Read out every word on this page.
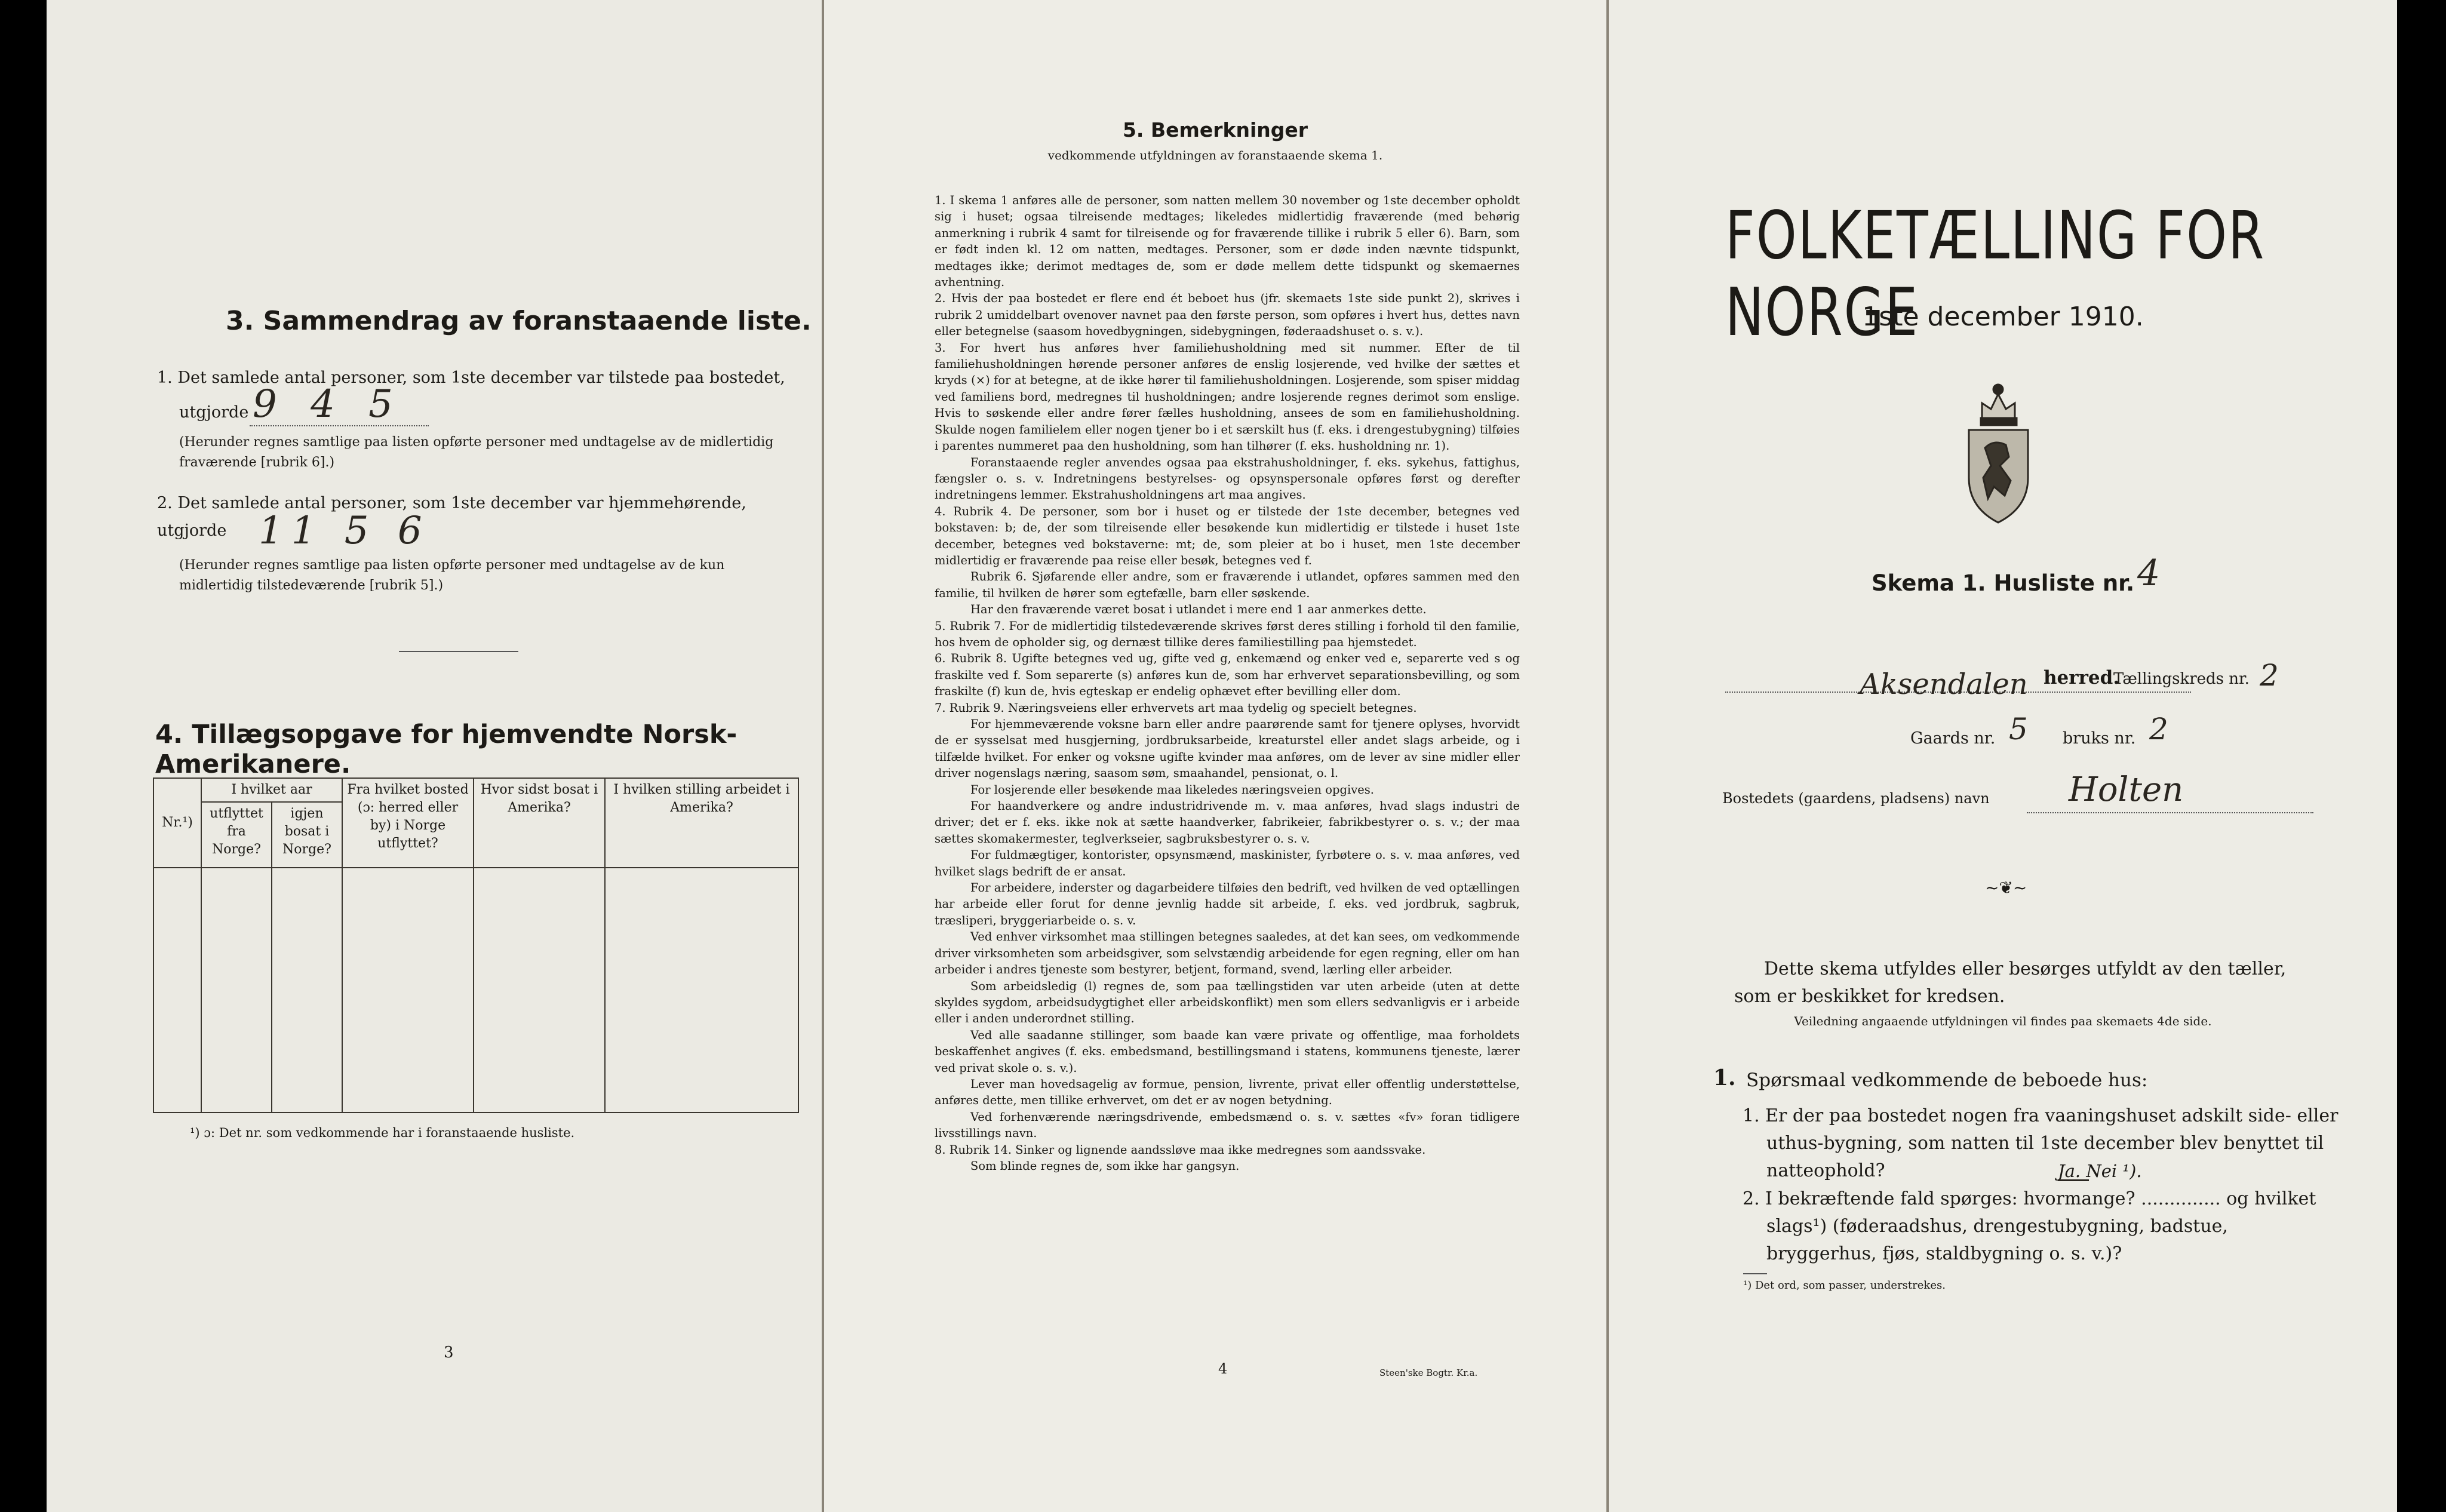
3. Sammendrag av foranstaaende liste.
1. Det samlede antal personer, som 1ste december var tilstede paa bostedet,
utgjorde 9 4 5
(Herunder regnes samtlige paa listen opførte personer med undtagelse av de midlertidig fraværende [rubrik 6].)
2. Det samlede antal personer, som 1ste december var hjemmehørende, utgjorde 11 5 6
(Herunder regnes samtlige paa listen opførte personer med undtagelse av de kun midlertidig tilstedeværende [rubrik 5].)
4. Tillægsopgave for hjemvendte Norsk-Amerikanere.
Nr.¹)	I hvilket aar		Fra hvilket bosted (ɔ: herred eller by) i Norge utflyttet?	Hvor sidst bosat i Amerika?	I hvilken stilling arbeidet i Amerika?
	utflyttet fra Norge?	igjen bosat i Norge?			

¹) ɔ: Det nr. som vedkommende har i foranstaaende husliste.
3
5. Bemerkninger
vedkommende utfyldningen av foranstaaende skema 1.

1. I skema 1 anføres alle de personer, som natten mellem 30 november og 1ste december opholdt sig i huset; ogsaa tilreisende medtages; likeledes midlertidig fraværende (med behørig anmerkning i rubrik 4 samt for tilreisende og for fraværende tillike i rubrik 5 eller 6). Barn, som er født inden kl. 12 om natten, medtages. Personer, som er døde inden nævnte tidspunkt, medtages ikke; derimot medtages de, som er døde mellem dette tidspunkt og skemaernes avhentning.

2. Hvis der paa bostedet er flere end ét beboet hus (jfr. skemaets 1ste side punkt 2), skrives i rubrik 2 umiddelbart ovenover navnet paa den første person, som opføres i hvert hus, dettes navn eller betegnelse (saasom hovedbygningen, sidebygningen, føderaadshuset o. s. v.).

3. For hvert hus anføres hver familiehusholdning med sit nummer. Efter de til familiehusholdningen hørende personer anføres de enslig losjerende, ved hvilke der sættes et kryds (×) for at betegne, at de ikke hører til familiehusholdningen. Losjerende, som spiser middag ved familiens bord, medregnes til husholdningen; andre losjerende regnes derimot som enslige. Hvis to søskende eller andre fører fælles husholdning, ansees de som en familiehusholdning. Skulde nogen familielem eller nogen tjener bo i et særskilt hus (f. eks. i drengestubygning) tilføies i parentes nummeret paa den husholdning, som han tilhører (f. eks. husholdning nr. 1).

Foranstaaende regler anvendes ogsaa paa ekstrahusholdninger, f. eks. sykehus, fattighus, fængsler o. s. v. Indretningens bestyrelses- og opsynspersonale opføres først og derefter indretningens lemmer. Ekstrahusholdningens art maa angives.

4. Rubrik 4. De personer, som bor i huset og er tilstede der 1ste december, betegnes ved bokstaven: b; de, der som tilreisende eller besøkende kun midlertidig er tilstede i huset 1ste december, betegnes ved bokstaverne: mt; de, som pleier at bo i huset, men 1ste december midlertidig er fraværende paa reise eller besøk, betegnes ved f.

Rubrik 6. Sjøfarende eller andre, som er fraværende i utlandet, opføres sammen med den familie, til hvilken de hører som egtefælle, barn eller søskende.

Har den fraværende været bosat i utlandet i mere end 1 aar anmerkes dette.

5. Rubrik 7. For de midlertidig tilstedeværende skrives først deres stilling i forhold til den familie, hos hvem de opholder sig, og dernæst tillike deres familiestilling paa hjemstedet.

6. Rubrik 8. Ugifte betegnes ved ug, gifte ved g, enkemænd og enker ved e, separerte ved s og fraskilte ved f. Som separerte (s) anføres kun de, som har erhvervet separationsbevilling, og som fraskilte (f) kun de, hvis egteskap er endelig ophævet efter bevilling eller dom.

7. Rubrik 9. Næringsveiens eller erhvervets art maa tydelig og specielt betegnes.

For hjemmeværende voksne barn eller andre paarørende samt for tjenere oplyses, hvorvidt de er sysselsat med husgjerning, jordbruksarbeide, kreaturstel eller andet slags arbeide, og i tilfælde hvilket. For enker og voksne ugifte kvinder maa anføres, om de lever av sine midler eller driver nogenslags næring, saasom søm, smaahandel, pensionat, o. l.

For losjerende eller besøkende maa likeledes næringsveien opgives.

For haandverkere og andre industridrivende m. v. maa anføres, hvad slags industri de driver; det er f. eks. ikke nok at sætte haandverker, fabrikeier, fabrikbestyrer o. s. v.; der maa sættes skomakermester, teglverkseier, sagbruksbestyrer o. s. v.

For fuldmægtiger, kontorister, opsynsmænd, maskinister, fyrbøtere o. s. v. maa anføres, ved hvilket slags bedrift de er ansat.

For arbeidere, inderster og dagarbeidere tilføies den bedrift, ved hvilken de ved optællingen har arbeide eller forut for denne jevnlig hadde sit arbeide, f. eks. ved jordbruk, sagbruk, træsliperi, bryggeriarbeide o. s. v.

Ved enhver virksomhet maa stillingen betegnes saaledes, at det kan sees, om vedkommende driver virksomheten som arbeidsgiver, som selvstændig arbeidende for egen regning, eller om han arbeider i andres tjeneste som bestyrer, betjent, formand, svend, lærling eller arbeider.

Som arbeidsledig (l) regnes de, som paa tællingstiden var uten arbeide (uten at dette skyldes sygdom, arbeidsudygtighet eller arbeidskonflikt) men som ellers sedvanligvis er i arbeide eller i anden underordnet stilling.

Ved alle saadanne stillinger, som baade kan være private og offentlige, maa forholdets beskaffenhet angives (f. eks. embedsmand, bestillingsmand i statens, kommunens tjeneste, lærer ved privat skole o. s. v.).

Lever man hovedsagelig av formue, pension, livrente, privat eller offentlig understøttelse, anføres dette, men tillike erhvervet, om det er av nogen betydning.

Ved forhenværende næringsdrivende, embedsmænd o. s. v. sættes «fv» foran tidligere livsstillings navn.

8. Rubrik 14. Sinker og lignende aandssløve maa ikke medregnes som aandssvake.

Som blinde regnes de, som ikke har gangsyn.

4	Steen'ske Bogtr. Kr.a.
FOLKETÆLLING FOR NORGE
1ste december 1910.
Skema 1. Husliste nr. 4
Aksendalen herred.
Tællingskreds nr. 2
Gaards nr. 5 bruks nr. 2
Bostedets (gaardens, pladsens) navn Holten
~❦~
Dette skema utfyldes eller besørges utfyldt av den tæller, som er beskikket for kredsen.
Veiledning angaaende utfyldningen vil findes paa skemaets 4de side.
1. Spørsmaal vedkommende de beboede hus:
1. Er der paa bostedet nogen fra vaaningshuset adskilt side- eller uthus-bygning, som natten til 1ste december blev benyttet til natteophold?	Ja. Nei ¹).
2. I bekræftende fald spørges: hvormange? .............. og hvilket slags¹) (føderaadshus, drengestubygning, badstue, bryggerhus, fjøs, staldbygning o. s. v.)?
¹) Det ord, som passer, understrekes.
